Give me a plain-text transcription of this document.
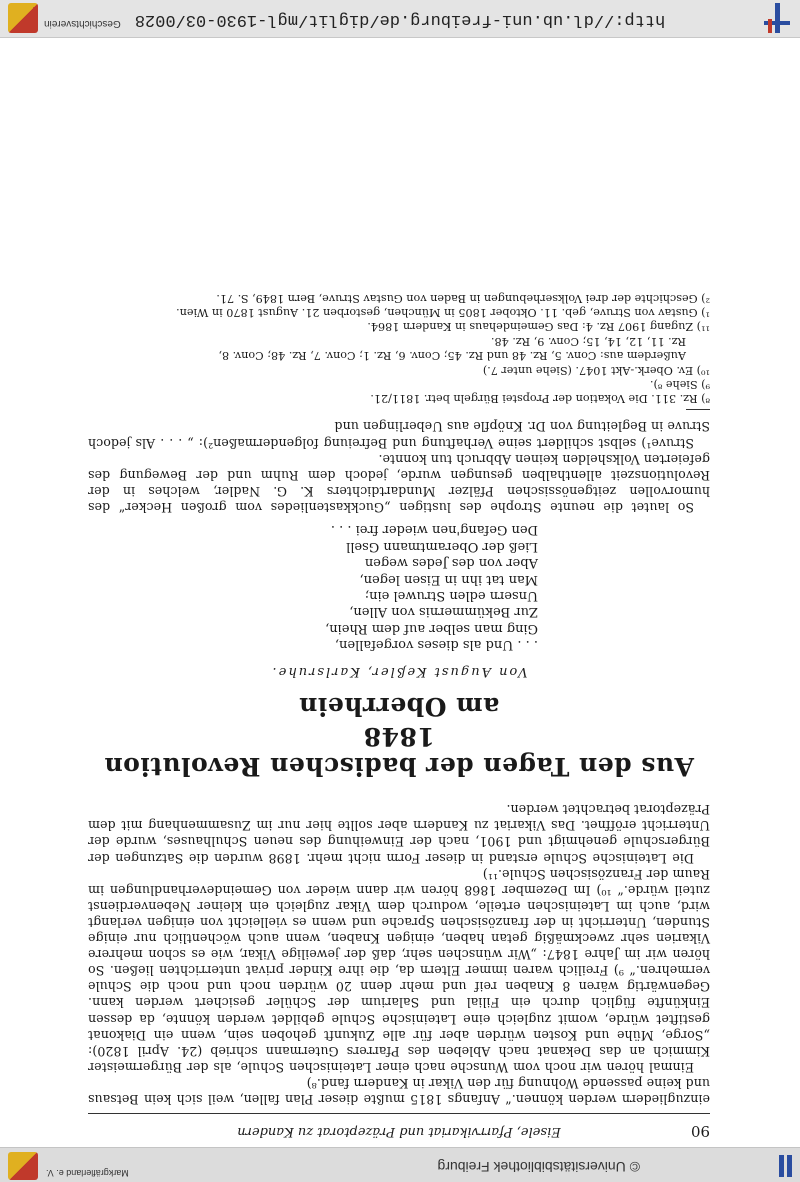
© Universitätsbibliothek Freiburg
Markgräflerland e. V.
90
Eisele, Pfarrvikariat und Präzeptorat zu Kandern

einzugliedern werden können.“ Anfangs 1815 mußte dieser Plan fallen, weil sich kein Betsaus und keine passende Wohnung für den Vikar in Kandern fand.⁸)

Einmal hören wir noch vom Wunsche nach einer Lateinischen Schule, als der Bürgermeister Kimmich an das Dekanat nach Ableben des Pfarrers Gutermann schrieb (24. April 1820): „Sorge, Mühe und Kosten würden aber für alle Zukunft gehoben sein, wenn ein Diakonat gestiftet würde, womit zugleich eine Lateinische Schule gebildet werden könnte, da dessen Einkünfte füglich durch ein Filial und Salarium der Schüler gesichert werden kann. Gegenwärtig wären 8 Knaben reif und mehr denn 20 würden noch und noch die Schule vermehren.“ ⁹) Freilich waren immer Eltern da, die ihre Kinder privat unterrichten ließen. So hören wir im Jahre 1847: „Wir wünschen sehr, daß der jeweilige Vikar, wie es schon mehrere Vikarien sehr zweckmäßig getan haben, einigen Knaben, wenn auch wöchentlich nur einige Stunden, Unterricht in der französischen Sprache und wenn es vielleicht von einigen verlangt wird, auch im Lateinischen erteile, wodurch dem Vikar zugleich ein kleiner Nebenverdienst zuteil würde.“ ¹⁰) Im Dezember 1868 hören wir dann wieder von Gemeindeverhandlungen im Raum der Französischen Schule.¹¹)

Die Lateinische Schule erstand in dieser Form nicht mehr. 1898 wurden die Satzungen der Bürgerschule genehmigt und 1901, nach der Einweihung des neuen Schulhauses, wurde der Unterricht eröffnet. Das Vikariat zu Kandern aber sollte hier nur im Zusammenhang mit dem Präzeptorat betrachtet werden.

Aus den Tagen der badischen Revolution 1848
am Oberrhein
Von August Keßler, Karlsruhe.
. . . Und als dieses vorgefallen,
Ging man selber auf dem Rhein,
Zur Bekümmernis von Allen,
Unsern edlen Struwel ein;
Man tat ihn in Eisen legen,
Aber von des Jedes wegen
Ließ der Oberamtmann Gsell
Den Gefang'nen wieder frei . . .

So lautet die neunte Strophe des lustigen „Guckkastenliedes vom großen Hecker“ des humorvollen zeitgenössischen Pfälzer Mundartdichters K. G. Nadler, welches in der Revolutionszeit allenthalben gesungen wurde, jedoch dem Ruhm und der Bewegung des gefeierten Volkshelden keinen Abbruch tun konnte.

Struve¹) selbst schildert seine Verhaftung und Befreiung folgendermaßen²): „ . . . Als jedoch Struve in Begleitung von Dr. Knöpfle aus Ueberlingen und

⁸) Rz. 311. Die Vokation der Propstei Bürgeln betr. 1811/21.
⁹) Siehe ⁸).
¹⁰) Ev. Oberk.-Akt 1047. (Siehe unter 7.)
Außerdem aus: Conv. 5, Rz. 48 und Rz. 45; Conv. 6, Rz. 1; Conv. 7, Rz. 48; Conv. 8,
Rz. 11, 12, 14, 15; Conv. 9, Rz. 48.
¹¹) Zugang 1907 Rz. 4: Das Gemeindehaus in Kandern 1864.
¹) Gustav von Struve, geb. 11. Oktober 1805 in München, gestorben 21. August 1870 in Wien.
²) Geschichte der drei Volkserhebungen in Baden von Gustav Struve, Bern 1849, S. 71.
http://dl.ub.uni-freiburg.de/diglit/mgl-1930-03/0028
Geschichtsverein
